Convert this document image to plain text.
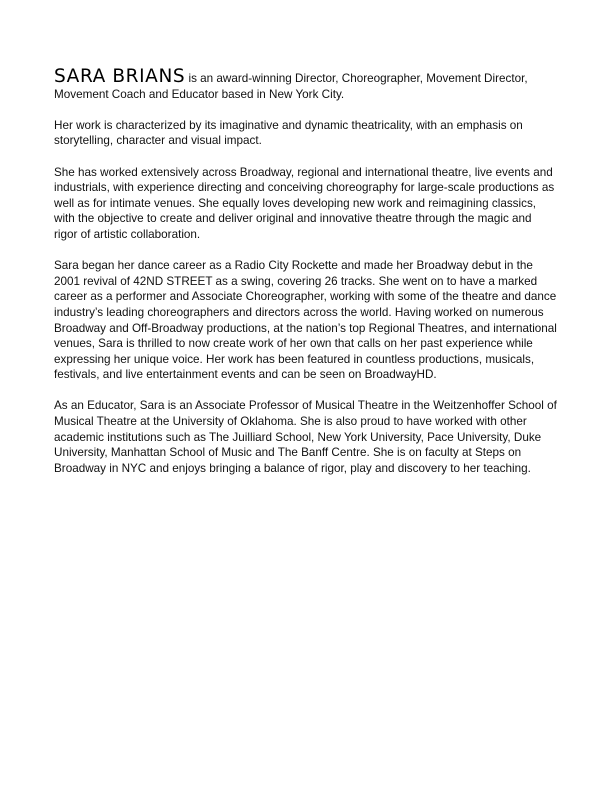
SARA BRIANS is an award-winning Director, Choreographer, Movement Director, Movement Coach and Educator based in New York City.

Her work is characterized by its imaginative and dynamic theatricality, with an emphasis on storytelling, character and visual impact.

She has worked extensively across Broadway, regional and international theatre, live events and industrials, with experience directing and conceiving choreography for large-scale productions as well as for intimate venues. She equally loves developing new work and reimagining classics, with the objective to create and deliver original and innovative theatre through the magic and rigor of artistic collaboration.

Sara began her dance career as a Radio City Rockette and made her Broadway debut in the 2001 revival of 42ND STREET as a swing, covering 26 tracks. She went on to have a marked career as a performer and Associate Choreographer, working with some of the theatre and dance industry’s leading choreographers and directors across the world. Having worked on numerous Broadway and Off-Broadway productions, at the nation’s top Regional Theatres, and international venues, Sara is thrilled to now create work of her own that calls on her past experience while expressing her unique voice. Her work has been featured in countless productions, musicals, festivals, and live entertainment events and can be seen on BroadwayHD.

As an Educator, Sara is an Associate Professor of Musical Theatre in the Weitzenhoffer School of Musical Theatre at the University of Oklahoma. She is also proud to have worked with other academic institutions such as The Juilliard School, New York University, Pace University, Duke University, Manhattan School of Music and The Banff Centre. She is on faculty at Steps on Broadway in NYC and enjoys bringing a balance of rigor, play and discovery to her teaching.
